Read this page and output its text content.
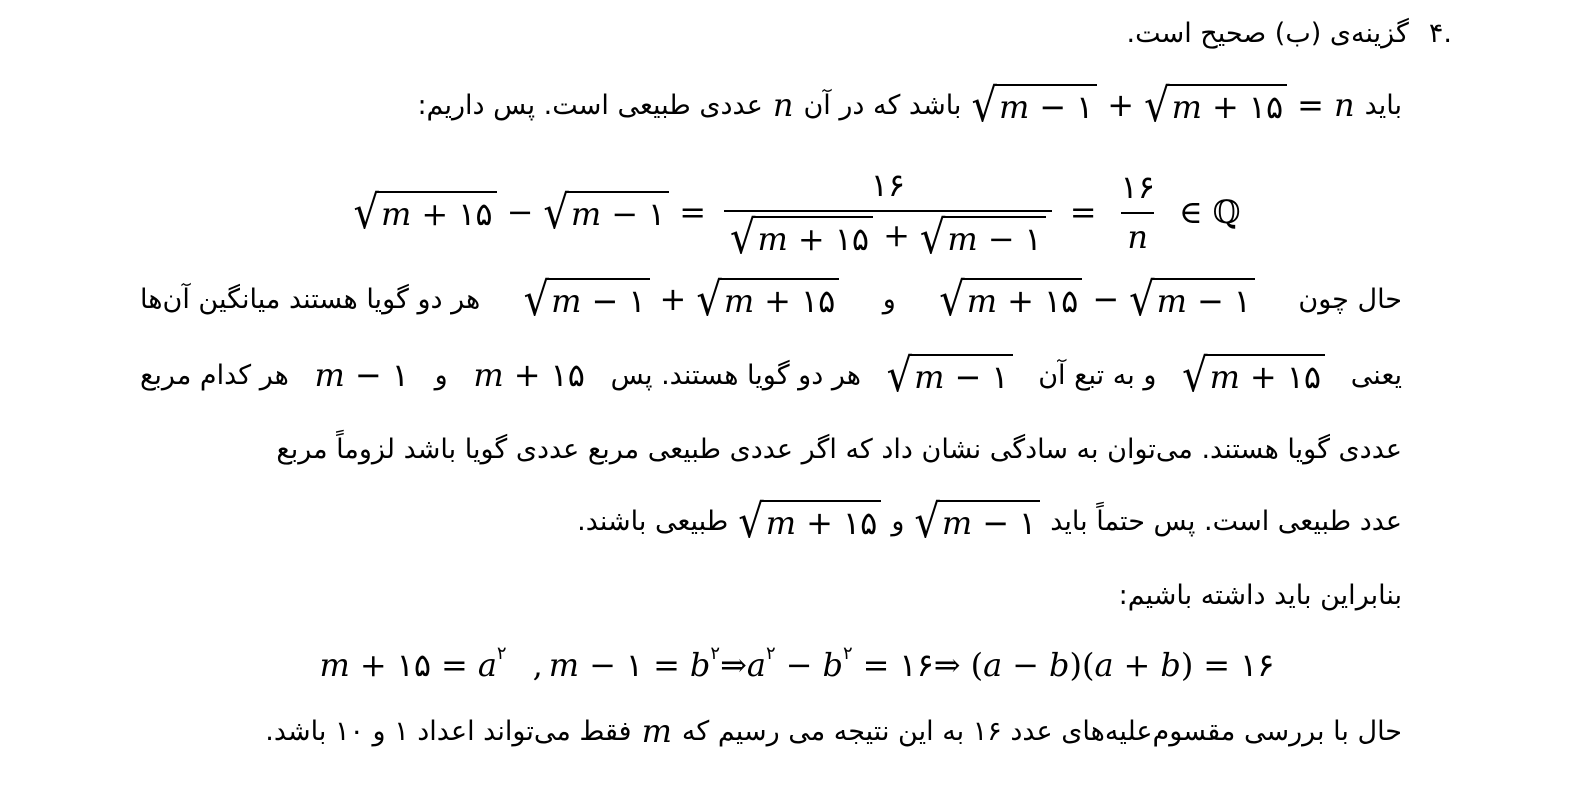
.۴
گزینه‌ی (ب) صحیح است.
باید
√ m − ۱ + √ m + ۱۵ = n
باشد که در آن
n
عددی طبیعی است. پس داریم:
√ m + ۱۵ − √ m − ۱ = $\frac{۱۶}{√ m + ۱۵ + √ m - ۱} = \frac{۱۶}{n}$ ∈ ℚ
حال چون
√ m + ۱۵ − √ m − ۱
و
√ m − ۱ + √ m + ۱۵
هر دو گویا هستند میانگین آن‌ها
یعنی
√ m + ۱۵
و به تبع آن
√ m − ۱
هر دو گویا هستند. پس
m + ۱۵
و
m − ۱
هر کدام مربع
عددی گویا هستند. می‌توان به سادگی نشان داد که اگر عددی طبیعی مربع عددی گویا باشد لزوماً مربع
عدد طبیعی است. پس حتماً باید
√ m − ۱
و
√ m + ۱۵
طبیعی باشند.
بنابراین باید داشته باشیم:
m + ۱۵ = a ۲ , m − ۱ = b ۲ ⇒ a ۲ − b ۲ = ۱۶ ⇒ ( a − b ) ( a + b ) = ۱۶
حال با بررسی مقسوم‌علیه‌های عدد ۱۶ به این نتیجه می رسیم که
m
فقط می‌تواند اعداد ۱ و ۱۰ باشد.
